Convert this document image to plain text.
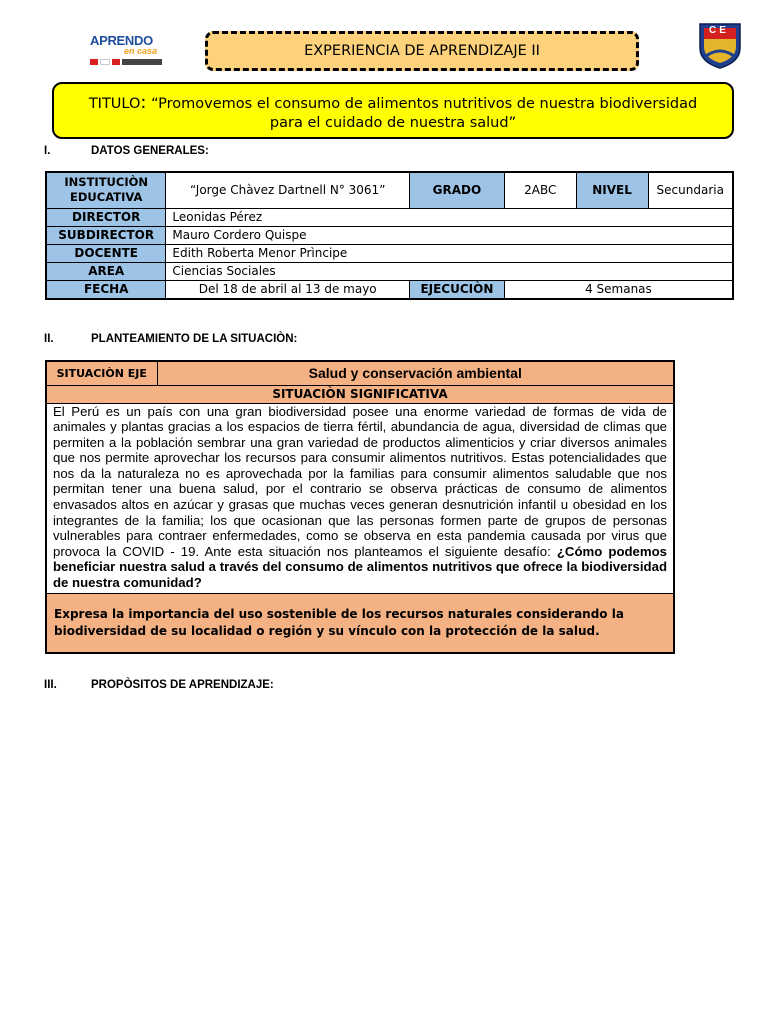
APRENDO
en casa
CE
EXPERIENCIA DE APRENDIZAJE II
TITULO: “Promovemos el consumo de alimentos nutritivos de nuestra biodiversidad
para el cuidado de nuestra salud”
I.	DATOS GENERALES:
INSTITUCIÒN EDUCATIVA	“Jorge Chàvez Dartnell N° 3061”	GRADO	2ABC	NIVEL	Secundaria
DIRECTOR	Leonidas Pérez				
SUBDIRECTOR	Mauro Cordero Quispe				
DOCENTE	Edith Roberta Menor Prìncipe				
AREA	Ciencias Sociales				
FECHA	Del 18 de abril al 13 de mayo	EJECUCIÒN	4 Semanas		
II.	PLANTEAMIENTO DE LA SITUACIÒN:
SITUACIÒN EJE	Salud y conservación ambiental
SITUACIÒN SIGNIFICATIVA
El Perú es un país con una gran biodiversidad posee una enorme variedad de formas de vida de animales y plantas gracias a los espacios de tierra fértil, abundancia de agua, diversidad de climas que permiten a la población sembrar una gran variedad de productos alimenticios y criar diversos animales que nos permite aprovechar los recursos para consumir alimentos nutritivos. Estas potencialidades que nos da la naturaleza no es aprovechada por la familias para consumir alimentos saludable que nos permitan tener una buena salud, por el contrario se observa prácticas de consumo de alimentos envasados altos en azúcar y grasas que muchas veces generan desnutrición infantil u obesidad en los integrantes de la familia; los que ocasionan que las personas formen parte de grupos de personas vulnerables para contraer enfermedades, como se observa en esta pandemia causada por virus que provoca la COVID - 19. Ante esta situación nos planteamos el siguiente desafío: ¿Cómo podemos beneficiar nuestra salud a través del consumo de alimentos nutritivos que ofrece la biodiversidad de nuestra comunidad?
Expresa la importancia del uso sostenible de los recursos naturales considerando la biodiversidad de su localidad o región y su vínculo con la protección de la salud.
III.	PROPÒSITOS DE APRENDIZAJE:
